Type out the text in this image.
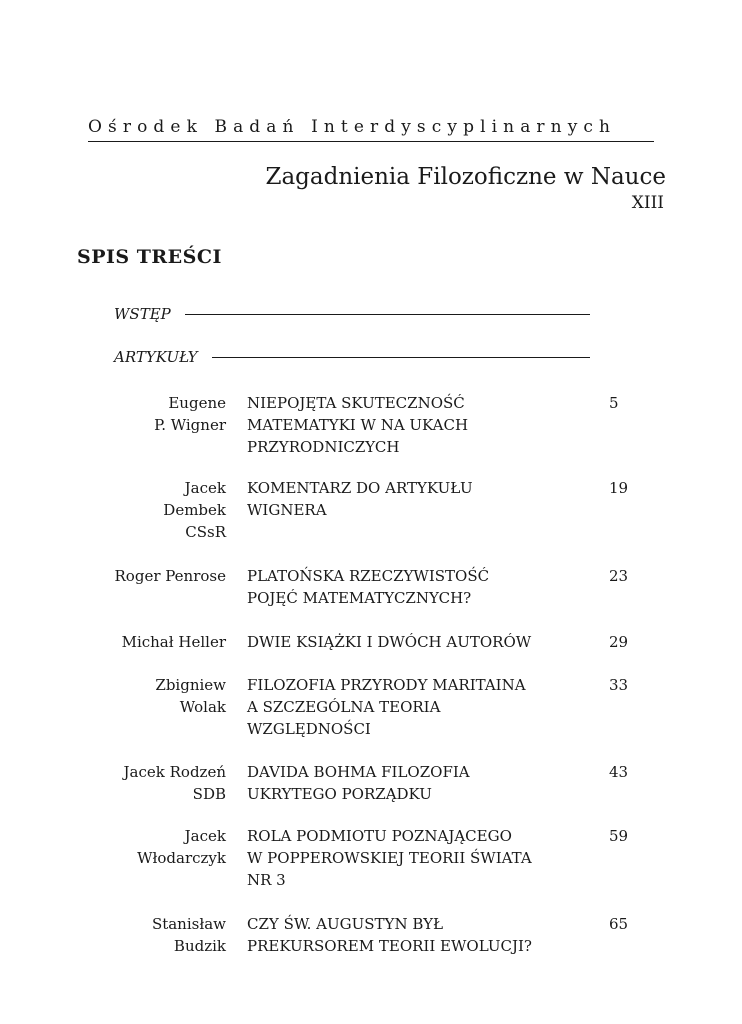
Ośrodek Badań Interdyscyplinarnych
Zagadnienia Filozoficzne w Nauce
XIII
SPIS TREŚCI
WSTĘP
ARTYKUŁY
Eugene
P. Wigner
NIEPOJĘTA SKUTECZNOŚĆ
MATEMATYKI W NA UKACH
PRZYRODNICZYCH
5
Jacek
Dembek
CSsR
KOMENTARZ DO ARTYKUŁU
WIGNERA
19
Roger Penrose PLATOŃSKA RZECZYWISTOŚĆ
POJĘĆ MATEMATYCZNYCH?
23
Michał Heller DWIE KSIĄŻKI I DWÓCH AUTORÓW	29
Zbigniew
Wolak
FILOZOFIA PRZYRODY MARITAINA
A SZCZEGÓLNA TEORIA
WZGLĘDNOŚCI
33
Jacek Rodzeń
SDB
DAVIDA BOHMA FILOZOFIA
UKRYTEGO PORZĄDKU
43
Jacek
Włodarczyk
ROLA PODMIOTU POZNAJĄCEGO
W POPPEROWSKIEJ TEORII ŚWIATA
NR 3
59
Stanisław
Budzik
CZY ŚW. AUGUSTYN BYŁ
PREKURSOREM TEORII EWOLUCJI?
65
